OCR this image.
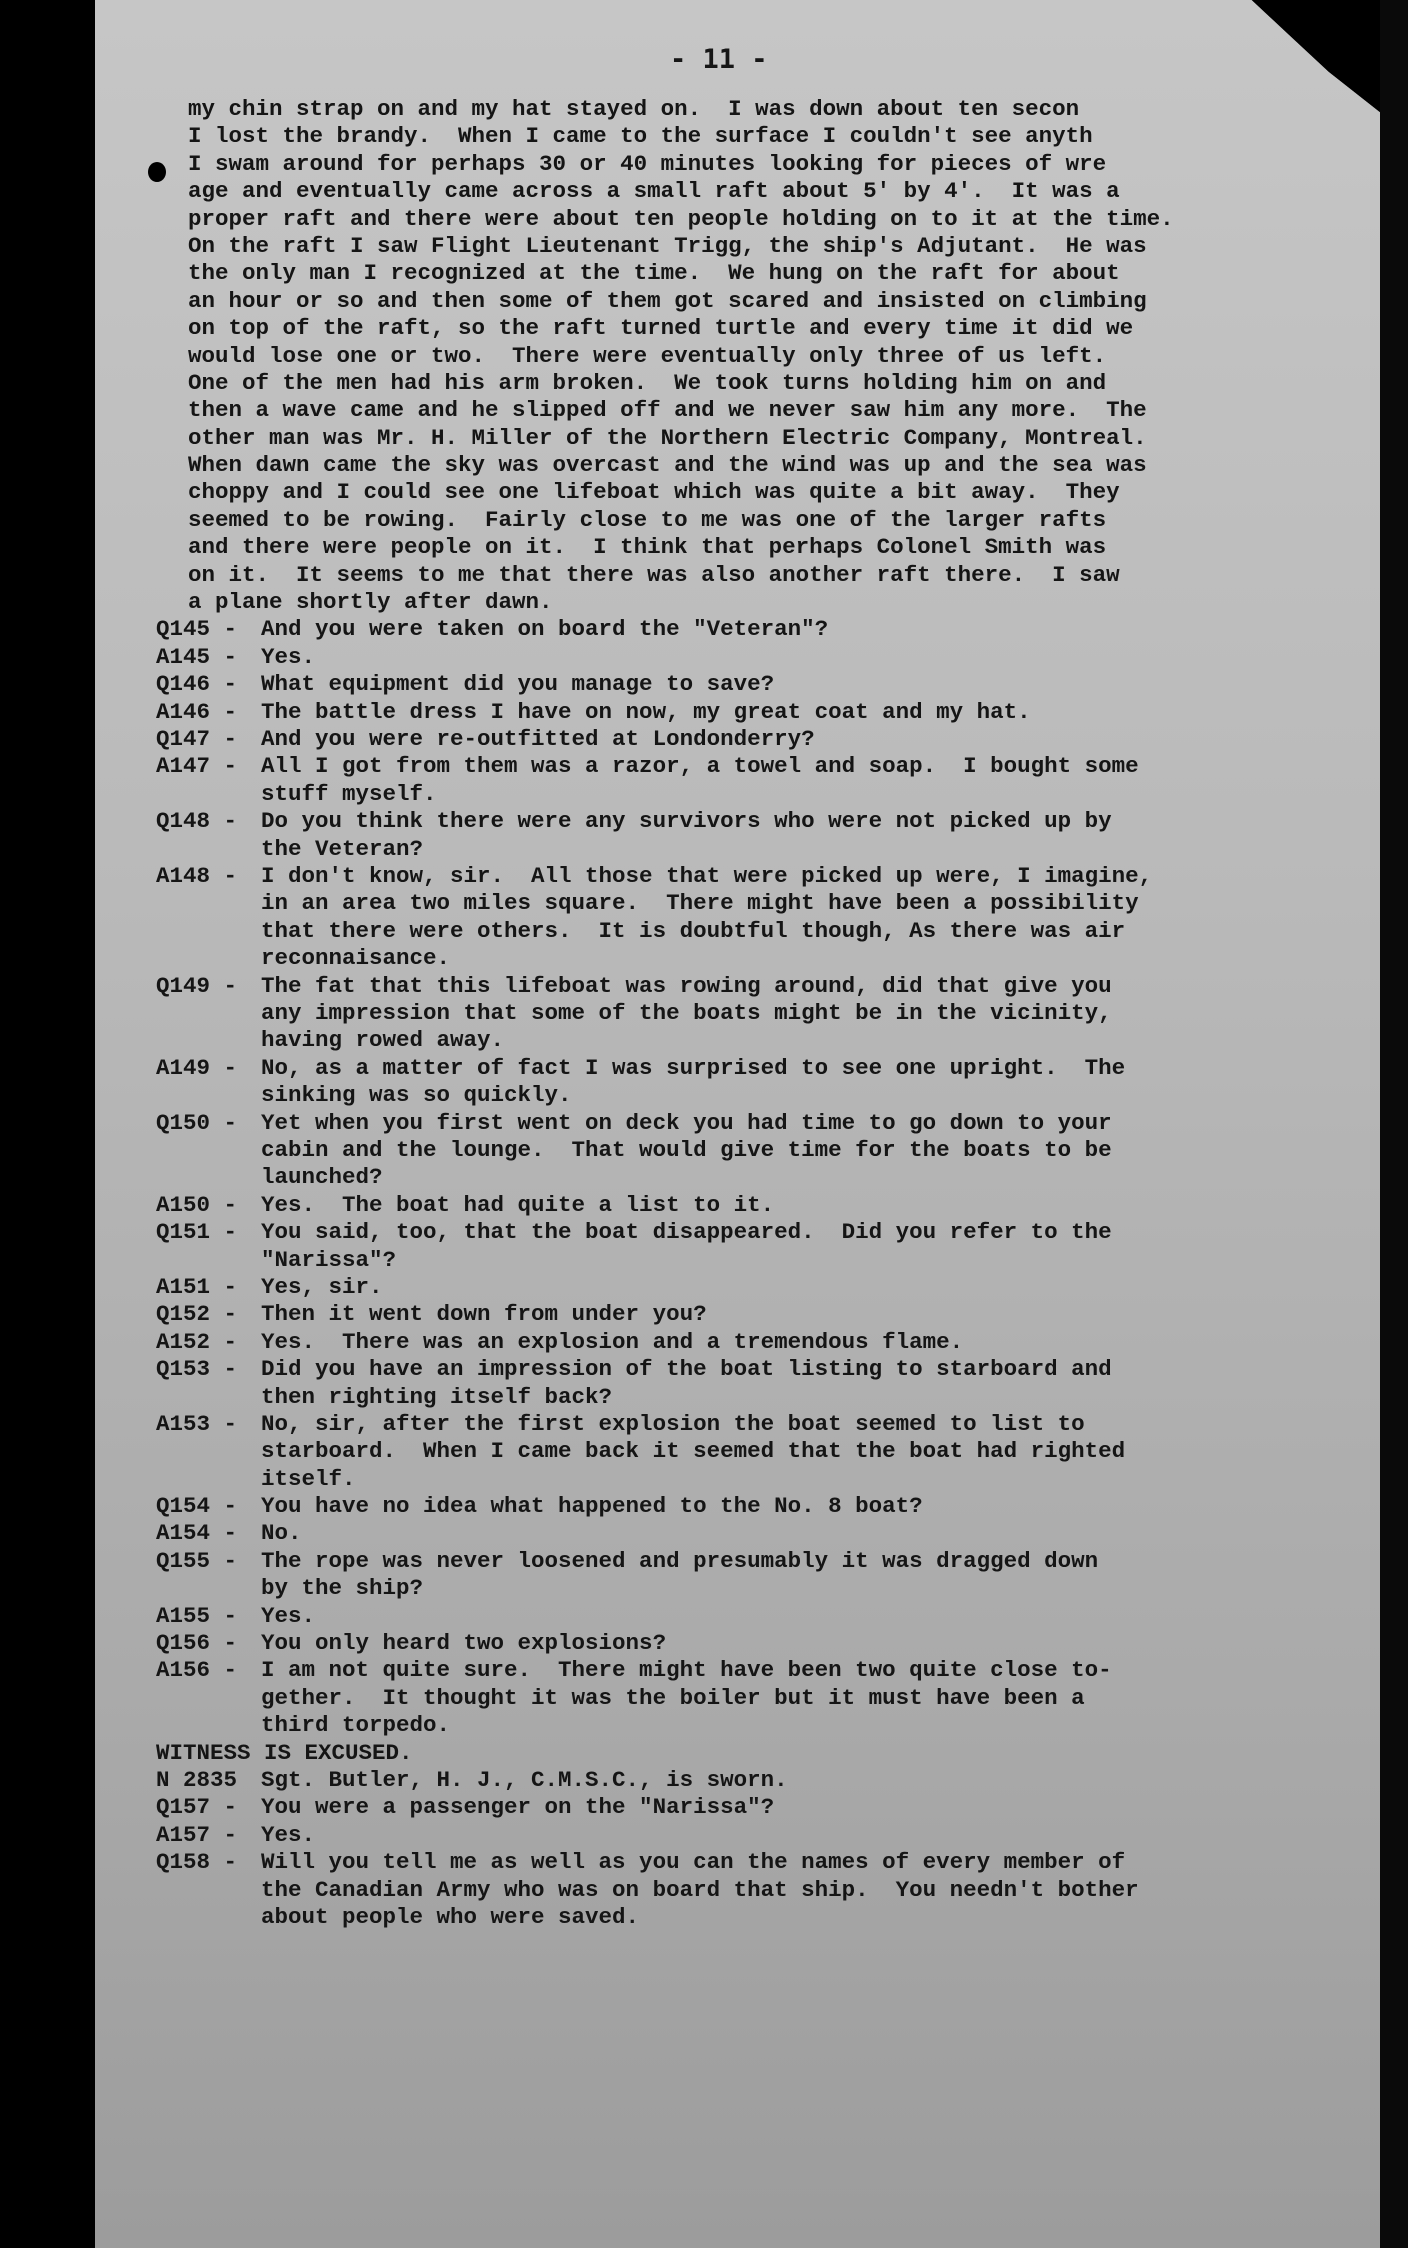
- 11 -
my chin strap on and my hat stayed on.  I was down about ten secon
I lost the brandy.  When I came to the surface I couldn't see anyth
I swam around for perhaps 30 or 40 minutes looking for pieces of wre
age and eventually came across a small raft about 5' by 4'.  It was a
proper raft and there were about ten people holding on to it at the time.
On the raft I saw Flight Lieutenant Trigg, the ship's Adjutant.  He was
the only man I recognized at the time.  We hung on the raft for about
an hour or so and then some of them got scared and insisted on climbing
on top of the raft, so the raft turned turtle and every time it did we
would lose one or two.  There were eventually only three of us left.
One of the men had his arm broken.  We took turns holding him on and
then a wave came and he slipped off and we never saw him any more.  The
other man was Mr. H. Miller of the Northern Electric Company, Montreal.
When dawn came the sky was overcast and the wind was up and the sea was
choppy and I could see one lifeboat which was quite a bit away.  They
seemed to be rowing.  Fairly close to me was one of the larger rafts
and there were people on it.  I think that perhaps Colonel Smith was
on it.  It seems to me that there was also another raft there.  I saw
a plane shortly after dawn.
Q145 -	And you were taken on board the "Veteran"?
A145 -	Yes.
Q146 -	What equipment did you manage to save?
A146 -	The battle dress I have on now, my great coat and my hat.
Q147 -	And you were re-outfitted at Londonderry?
A147 -	All I got from them was a razor, a towel and soap.  I bought some
stuff myself.
Q148 -	Do you think there were any survivors who were not picked up by
the Veteran?
A148 -	I don't know, sir.  All those that were picked up were, I imagine,
in an area two miles square.  There might have been a possibility
that there were others.  It is doubtful though, As there was air
reconnaisance.
Q149 -	The fat that this lifeboat was rowing around, did that give you
any impression that some of the boats might be in the vicinity,
having rowed away.
A149 -	No, as a matter of fact I was surprised to see one upright.  The
sinking was so quickly.
Q150 -	Yet when you first went on deck you had time to go down to your
cabin and the lounge.  That would give time for the boats to be
launched?
A150 -	Yes.  The boat had quite a list to it.
Q151 -	You said, too, that the boat disappeared.  Did you refer to the
"Narissa"?
A151 -	Yes, sir.
Q152 -	Then it went down from under you?
A152 -	Yes.  There was an explosion and a tremendous flame.
Q153 -	Did you have an impression of the boat listing to starboard and
then righting itself back?
A153 -	No, sir, after the first explosion the boat seemed to list to
starboard.  When I came back it seemed that the boat had righted
itself.
Q154 -	You have no idea what happened to the No. 8 boat?
A154 -	No.
Q155 -	The rope was never loosened and presumably it was dragged down
by the ship?
A155 -	Yes.
Q156 -	You only heard two explosions?
A156 -	I am not quite sure.  There might have been two quite close to-
gether.  It thought it was the boiler but it must have been a
third torpedo.
WITNESS IS EXCUSED.
N 2835	Sgt. Butler, H. J., C.M.S.C., is sworn.
Q157 -	You were a passenger on the "Narissa"?
A157 -	Yes.
Q158 -	Will you tell me as well as you can the names of every member of
the Canadian Army who was on board that ship.  You needn't bother
about people who were saved.
